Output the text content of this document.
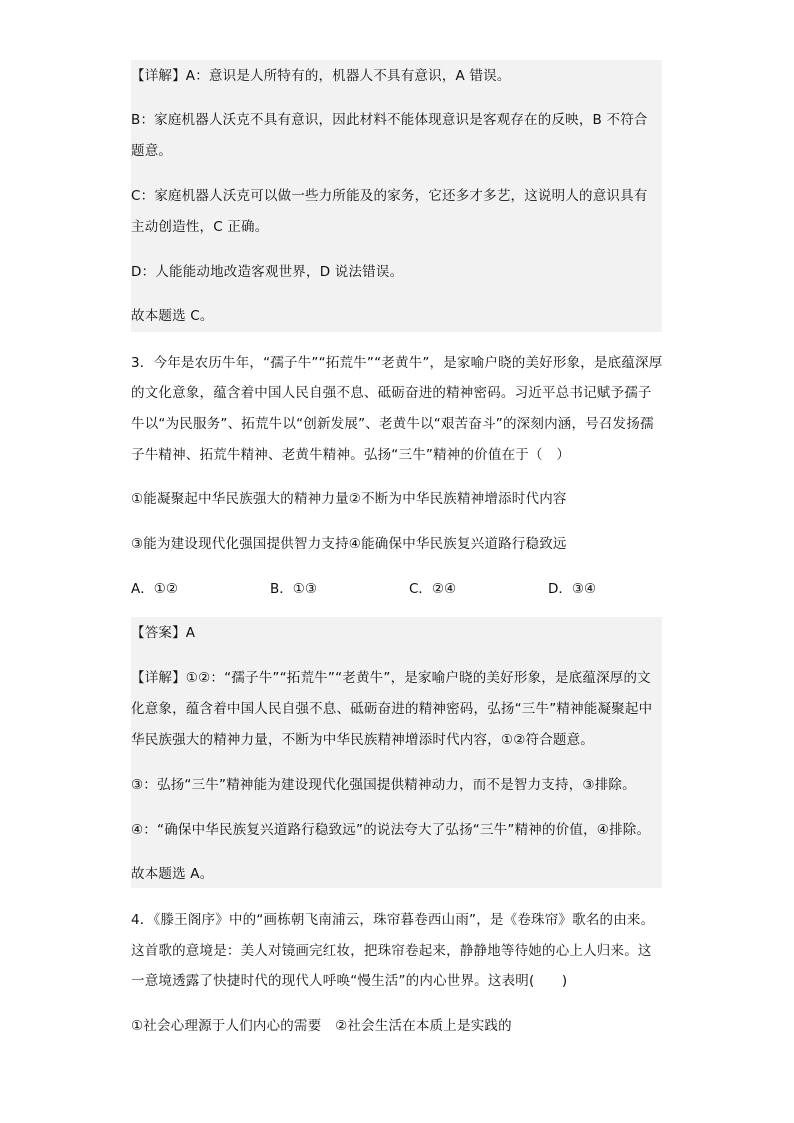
【详解】A：意识是人所特有的，机器人不具有意识，A 错误。
B：家庭机器人沃克不具有意识，因此材料不能体现意识是客观存在的反映，B 不符合
题意。
C：家庭机器人沃克可以做一些力所能及的家务，它还多才多艺，这说明人的意识具有
主动创造性，C 正确。
D：人能能动地改造客观世界，D 说法错误。
故本题选 C。
3．今年是农历牛年，“孺子牛”“拓荒牛”“老黄牛”，是家喻户晓的美好形象，是底蕴深厚
的文化意象，蕴含着中国人民自强不息、砥砺奋进的精神密码。习近平总书记赋予孺子
牛以“为民服务”、拓荒牛以“创新发展”、老黄牛以“艰苦奋斗”的深刻内涵，号召发扬孺
子牛精神、拓荒牛精神、老黄牛精神。弘扬“三牛”精神的价值在于（　）
①能凝聚起中华民族强大的精神力量②不断为中华民族精神增添时代内容
③能为建设现代化强国提供智力支持④能确保中华民族复兴道路行稳致远
A．①②	B．①③	C．②④	D．③④
【答案】A
【详解】①②：“孺子牛”“拓荒牛”“老黄牛”，是家喻户晓的美好形象，是底蕴深厚的文
化意象，蕴含着中国人民自强不息、砥砺奋进的精神密码，弘扬“三牛”精神能凝聚起中
华民族强大的精神力量，不断为中华民族精神增添时代内容，①②符合题意。
③：弘扬“三牛”精神能为建设现代化强国提供精神动力，而不是智力支持，③排除。
④：“确保中华民族复兴道路行稳致远”的说法夸大了弘扬“三牛”精神的价值，④排除。
故本题选 A。
4．《滕王阁序》中的“画栋朝飞南浦云，珠帘暮卷西山雨”，是《卷珠帘》歌名的由来。
这首歌的意境是：美人对镜画完红妆，把珠帘卷起来，静静地等待她的心上人归来。这
一意境透露了快捷时代的现代人呼唤“慢生活”的内心世界。这表明(　　)
①社会心理源于人们内心的需要　②社会生活在本质上是实践的
